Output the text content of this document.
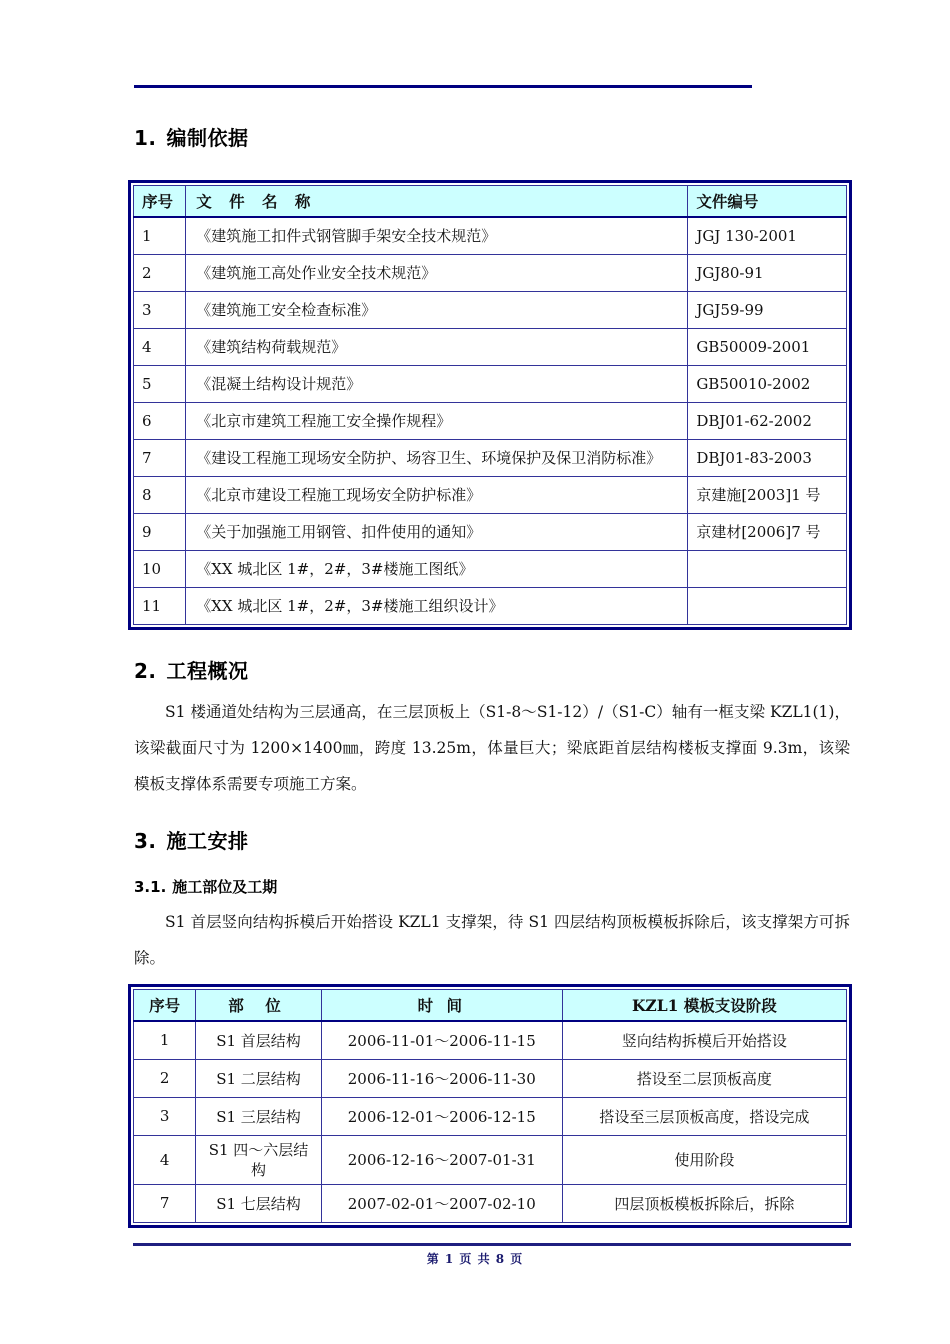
1. 编制依据
序号	文 件 名 称	文件编号
1	《建筑施工扣件式钢管脚手架安全技术规范》	JGJ 130-2001
2	《建筑施工高处作业安全技术规范》	JGJ80-91
3	《建筑施工安全检查标准》	JGJ59-99
4	《建筑结构荷载规范》	GB50009-2001
5	《混凝土结构设计规范》	GB50010-2002
6	《北京市建筑工程施工安全操作规程》	DBJ01-62-2002
7	《建设工程施工现场安全防护、场容卫生、环境保护及保卫消防标准》	DBJ01-83-2003
8	《北京市建设工程施工现场安全防护标准》	京建施[2003]1 号
9	《关于加强施工用钢管、扣件使用的通知》	京建材[2006]7 号
10	《XX 城北区 1#，2#，3#楼施工图纸》	
11	《XX 城北区 1#，2#，3#楼施工组织设计》	
2. 工程概况
S1 楼通道处结构为三层通高，在三层顶板上（S1-8～S1-12）/（S1-C）轴有一框支梁 KZL1(1)，该梁截面尺寸为 1200×1400㎜，跨度 13.25m，体量巨大；梁底距首层结构楼板支撑面 9.3m，该梁模板支撑体系需要专项施工方案。
3. 施工安排
3.1. 施工部位及工期
S1 首层竖向结构拆模后开始搭设 KZL1 支撑架，待 S1 四层结构顶板模板拆除后，该支撑架方可拆除。
序号	部 位	时 间	KZL1 模板支设阶段
1	S1 首层结构	2006-11-01～2006-11-15	竖向结构拆模后开始搭设
2	S1 二层结构	2006-11-16～2006-11-30	搭设至二层顶板高度
3	S1 三层结构	2006-12-01～2006-12-15	搭设至三层顶板高度，搭设完成
4	S1 四～六层结构	2006-12-16～2007-01-31	使用阶段
7	S1 七层结构	2007-02-01～2007-02-10	四层顶板模板拆除后，拆除
第 1 页 共 8 页
